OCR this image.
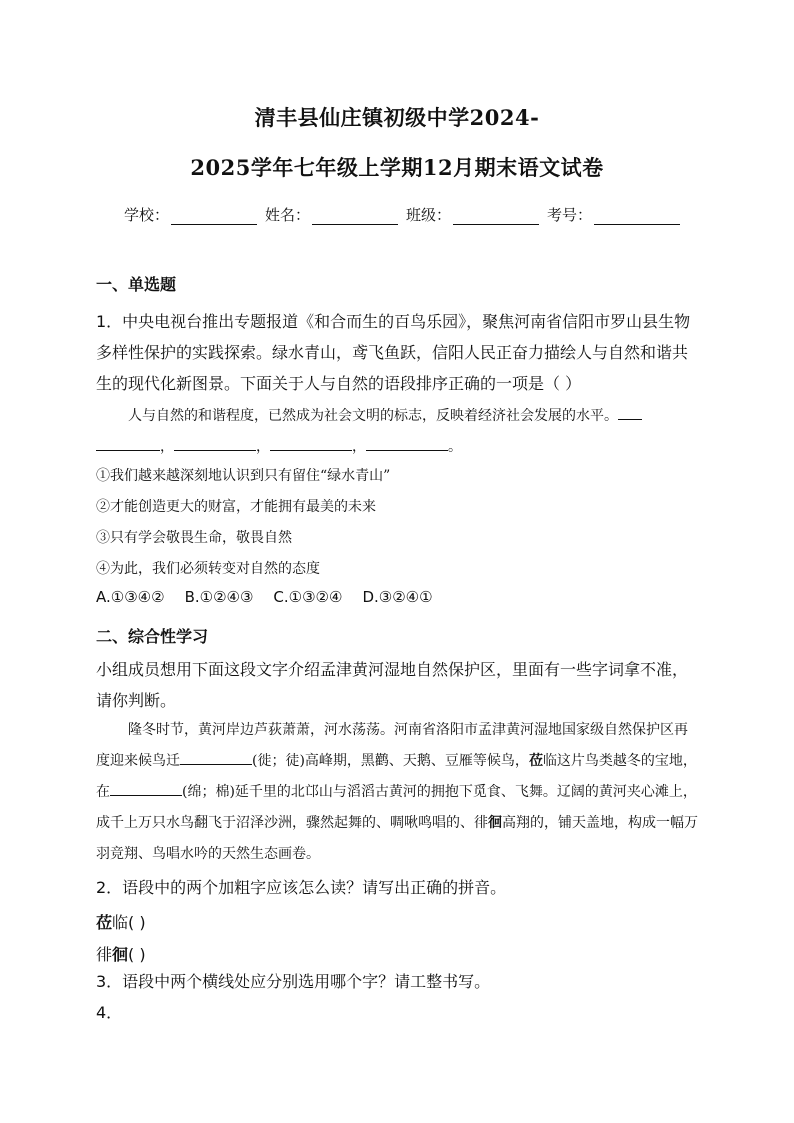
清丰县仙庄镇初级中学2024-
2025学年七年级上学期12月期末语文试卷
学校：	姓名：	班级：	考号：
一、单选题
1．中央电视台推出专题报道《和合而生的百鸟乐园》，聚焦河南省信阳市罗山县生物多样性保护的实践探索。绿水青山，鸢飞鱼跃，信阳人民正奋力描绘人与自然和谐共生的现代化新图景。下面关于人与自然的语段排序正确的一项是（ ）
人与自然的和谐程度，已然成为社会文明的标志，反映着经济社会发展的水平。 ，	，	，	。
①我们越来越深刻地认识到只有留住“绿水青山”
②才能创造更大的财富，才能拥有最美的未来
③只有学会敬畏生命，敬畏自然
④为此，我们必须转变对自然的态度
A.①③④② B.①②④③ C.①③②④ D.③②④①
二、综合性学习
小组成员想用下面这段文字介绍孟津黄河湿地自然保护区，里面有一些字词拿不准，请你判断。
隆冬时节，黄河岸边芦荻萧萧，河水荡荡。河南省洛阳市孟津黄河湿地国家级自然保护区再度迎来候鸟迁	(徙；徒)高峰期，黑鹳、天鹅、豆雁等候鸟，莅临这片鸟类越冬的宝地，在	(绵；棉)延千里的北邙山与滔滔古黄河的拥抱下觅食、飞舞。辽阔的黄河夹心滩上，成千上万只水鸟翻飞于沼泽沙洲，骤然起舞的、啁啾鸣唱的、徘徊高翔的，铺天盖地，构成一幅万羽竞翔、鸟唱水吟的天然生态画卷。
2．语段中的两个加粗字应该怎么读？请写出正确的拼音。
莅临( )
徘徊( )
3．语段中两个横线处应分别选用哪个字？请工整书写。
4．
